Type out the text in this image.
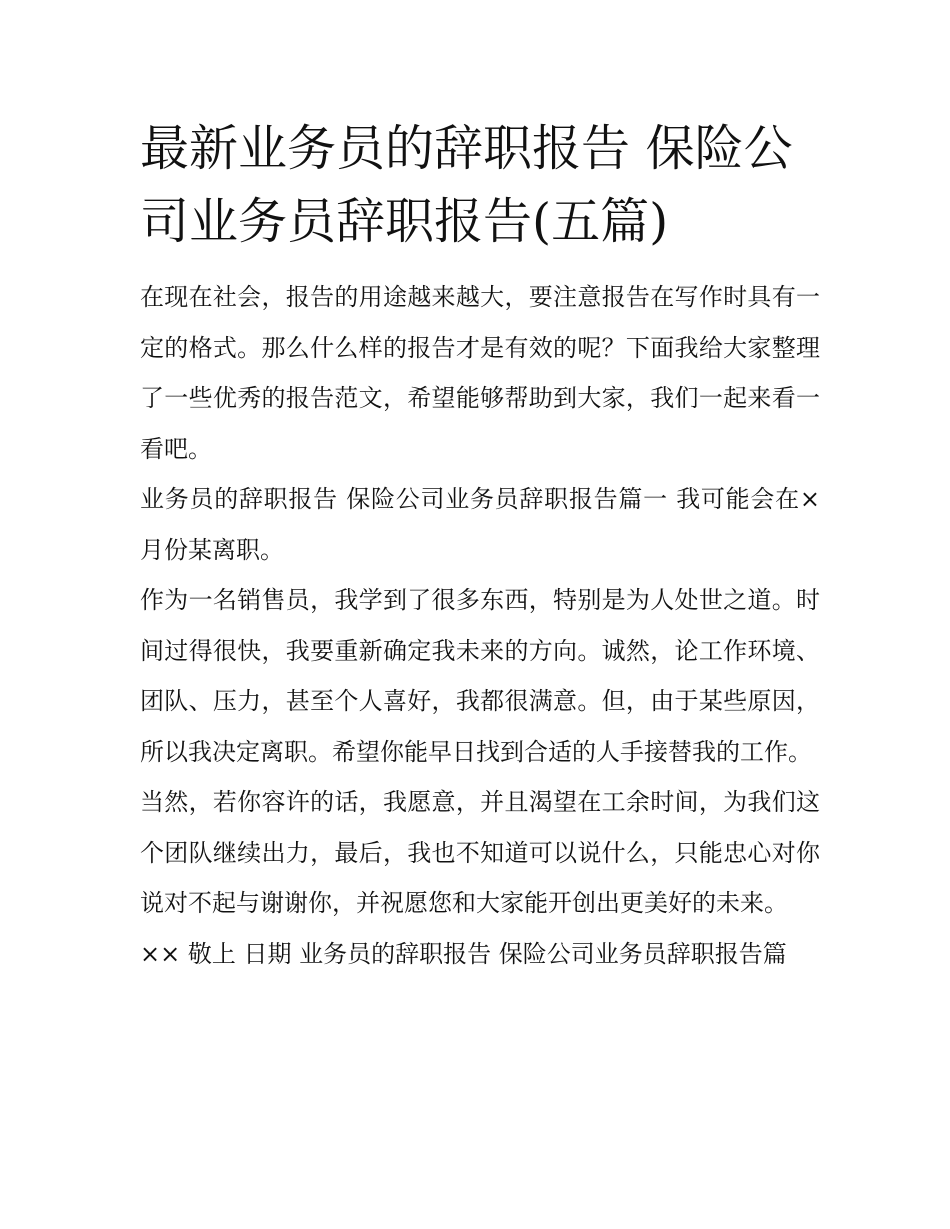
最新业务员的辞职报告 保险公司业务员辞职报告(五篇)

在现在社会，报告的用途越来越大，要注意报告在写作时具有一定的格式。那么什么样的报告才是有效的呢？下面我给大家整理了一些优秀的报告范文，希望能够帮助到大家，我们一起来看一看吧。

业务员的辞职报告 保险公司业务员辞职报告篇一 我可能会在×月份某离职。

作为一名销售员，我学到了很多东西，特别是为人处世之道。时间过得很快，我要重新确定我未来的方向。诚然，论工作环境、团队、压力，甚至个人喜好，我都很满意。但，由于某些原因，所以我决定离职。希望你能早日找到合适的人手接替我的工作。

当然，若你容许的话，我愿意，并且渴望在工余时间，为我们这个团队继续出力，最后，我也不知道可以说什么，只能忠心对你说对不起与谢谢你，并祝愿您和大家能开创出更美好的未来。

×× 敬上 日期 业务员的辞职报告 保险公司业务员辞职报告篇
